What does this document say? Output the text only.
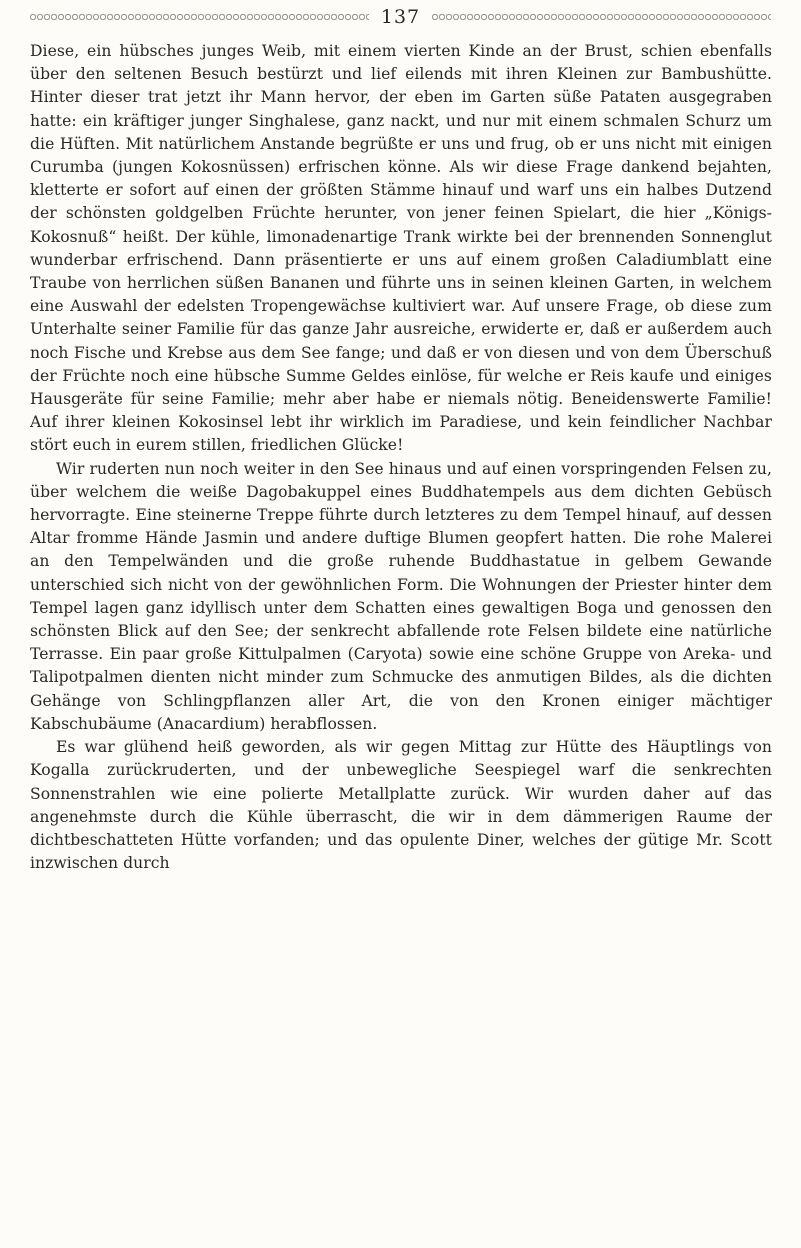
137

Diese, ein hübsches junges Weib, mit einem vierten Kinde an der Brust, schien ebenfalls über den seltenen Besuch bestürzt und lief eilends mit ihren Kleinen zur Bambushütte. Hinter dieser trat jetzt ihr Mann hervor, der eben im Garten süße Pataten ausgegraben hatte: ein kräftiger junger Singhalese, ganz nackt, und nur mit einem schmalen Schurz um die Hüften. Mit natürlichem Anstande begrüßte er uns und frug, ob er uns nicht mit einigen Curumba (jungen Kokosnüssen) erfrischen könne. Als wir diese Frage dankend bejahten, kletterte er sofort auf einen der größten Stämme hinauf und warf uns ein halbes Dutzend der schönsten goldgelben Früchte herunter, von jener feinen Spielart, die hier „Königs-Kokosnuß“ heißt. Der kühle, limonadenartige Trank wirkte bei der brennenden Sonnenglut wunderbar erfrischend. Dann präsentierte er uns auf einem großen Caladiumblatt eine Traube von herrlichen süßen Bananen und führte uns in seinen kleinen Garten, in welchem eine Auswahl der edelsten Tropengewächse kultiviert war. Auf unsere Frage, ob diese zum Unterhalte seiner Familie für das ganze Jahr ausreiche, erwiderte er, daß er außerdem auch noch Fische und Krebse aus dem See fange; und daß er von diesen und von dem Überschuß der Früchte noch eine hübsche Summe Geldes einlöse, für welche er Reis kaufe und einiges Hausgeräte für seine Familie; mehr aber habe er niemals nötig. Beneidenswerte Familie! Auf ihrer kleinen Kokosinsel lebt ihr wirklich im Paradiese, und kein feindlicher Nachbar stört euch in eurem stillen, friedlichen Glücke!

Wir ruderten nun noch weiter in den See hinaus und auf einen vorspringenden Felsen zu, über welchem die weiße Dagobakuppel eines Buddhatempels aus dem dichten Gebüsch hervorragte. Eine steinerne Treppe führte durch letzteres zu dem Tempel hinauf, auf dessen Altar fromme Hände Jasmin und andere duftige Blumen geopfert hatten. Die rohe Malerei an den Tempelwänden und die große ruhende Buddhastatue in gelbem Gewande unterschied sich nicht von der gewöhnlichen Form. Die Wohnungen der Priester hinter dem Tempel lagen ganz idyllisch unter dem Schatten eines gewaltigen Boga und genossen den schönsten Blick auf den See; der senkrecht abfallende rote Felsen bildete eine natürliche Terrasse. Ein paar große Kittulpalmen (Caryota) sowie eine schöne Gruppe von Areka- und Talipotpalmen dienten nicht minder zum Schmucke des anmutigen Bildes, als die dichten Gehänge von Schlingpflanzen aller Art, die von den Kronen einiger mächtiger Kabschubäume (Anacardium) herabflossen.

Es war glühend heiß geworden, als wir gegen Mittag zur Hütte des Häuptlings von Kogalla zurückruderten, und der unbewegliche Seespiegel warf die senkrechten Sonnenstrahlen wie eine polierte Metallplatte zurück. Wir wurden daher auf das angenehmste durch die Kühle überrascht, die wir in dem dämmerigen Raume der dichtbeschatteten Hütte vorfanden; und das opulente Diner, welches der gütige Mr. Scott inzwischen durch
